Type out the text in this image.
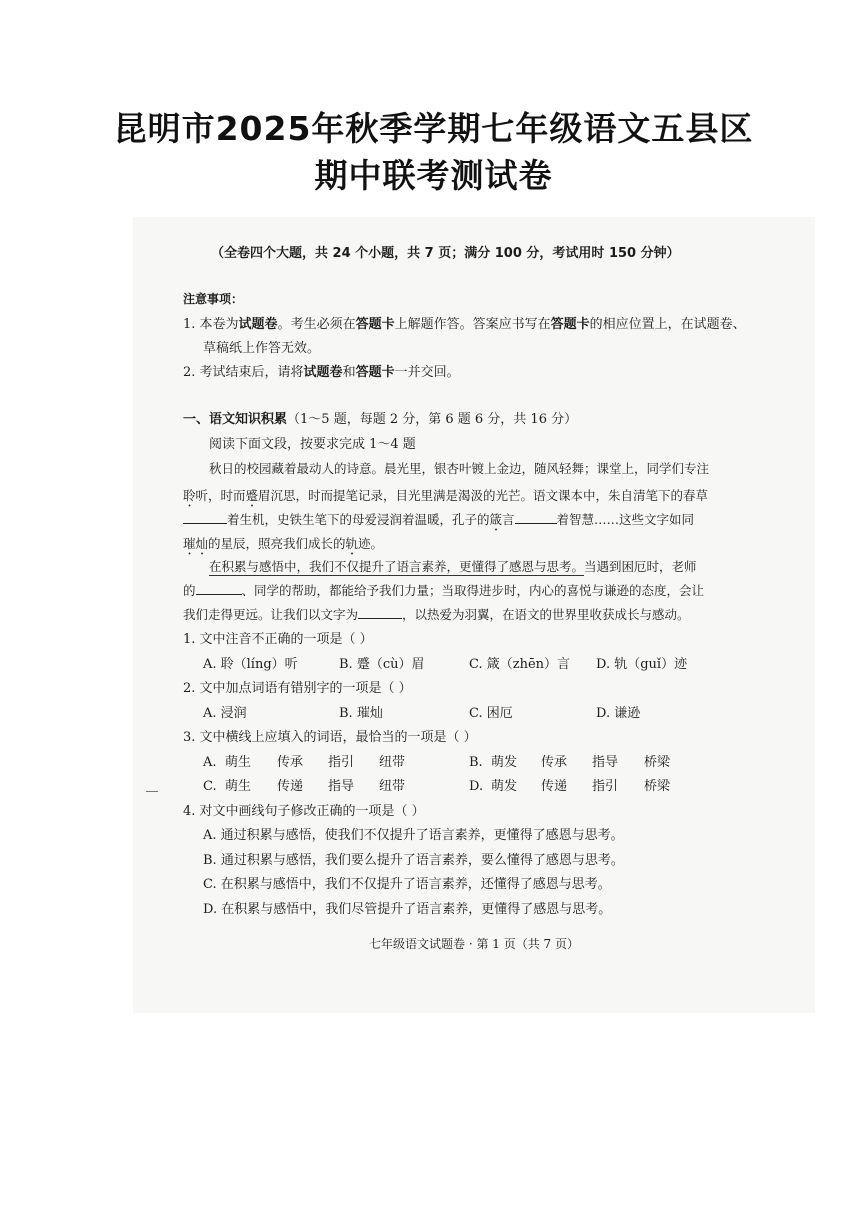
昆明市2025年秋季学期七年级语文五县区
期中联考测试卷
（全卷四个大题，共 24 个小题，共 7 页；满分 100 分，考试用时 150 分钟）
注意事项：
1. 本卷为试题卷。考生必须在答题卡上解题作答。答案应书写在答题卡的相应位置上，在试题卷、
草稿纸上作答无效。
2. 考试结束后，请将试题卷和答题卡一并交回。
一、语文知识积累（1～5 题，每题 2 分，第 6 题 6 分，共 16 分）
阅读下面文段，按要求完成 1～4 题
秋日的校园藏着最动人的诗意。晨光里，银杏叶镀上金边，随风轻舞；课堂上，同学们专注
聆听，时而蹙眉沉思，时而提笔记录，目光里满是渴汲的光芒。语文课本中，朱自清笔下的春草
着生机，史铁生笔下的母爱浸润着温暖，孔子的箴言	着智慧……这些文字如同
璀灿的星辰，照亮我们成长的轨迹。
在积累与感悟中，我们不仅提升了语言素养，更懂得了感恩与思考。当遇到困厄时，老师
的	、同学的帮助，都能给予我们力量；当取得进步时，内心的喜悦与谦逊的态度，会让
我们走得更远。让我们以文字为	，以热爱为羽翼，在语文的世界里收获成长与感动。
1. 文中注音不正确的一项是（ ）
A. 聆（líng）听	B. 蹙（cù）眉	C. 箴（zhēn）言 D. 轨（guǐ）迹
2. 文中加点词语有错别字的一项是（ ）
A. 浸润	B. 璀灿	C. 困厄	D. 谦逊
3. 文中横线上应填入的词语，最恰当的一项是（ ）
A. 萌生 传承 指引 纽带	B. 萌发 传承 指导 桥梁
C. 萌生 传递 指导 纽带	D. 萌发 传递 指引 桥梁
4. 对文中画线句子修改正确的一项是（ ）
A. 通过积累与感悟，使我们不仅提升了语言素养，更懂得了感恩与思考。
B. 通过积累与感悟，我们要么提升了语言素养，要么懂得了感恩与思考。
C. 在积累与感悟中，我们不仅提升了语言素养，还懂得了感恩与思考。
D. 在积累与感悟中，我们尽管提升了语言素养，更懂得了感恩与思考。
七年级语文试题卷 · 第 1 页（共 7 页）
